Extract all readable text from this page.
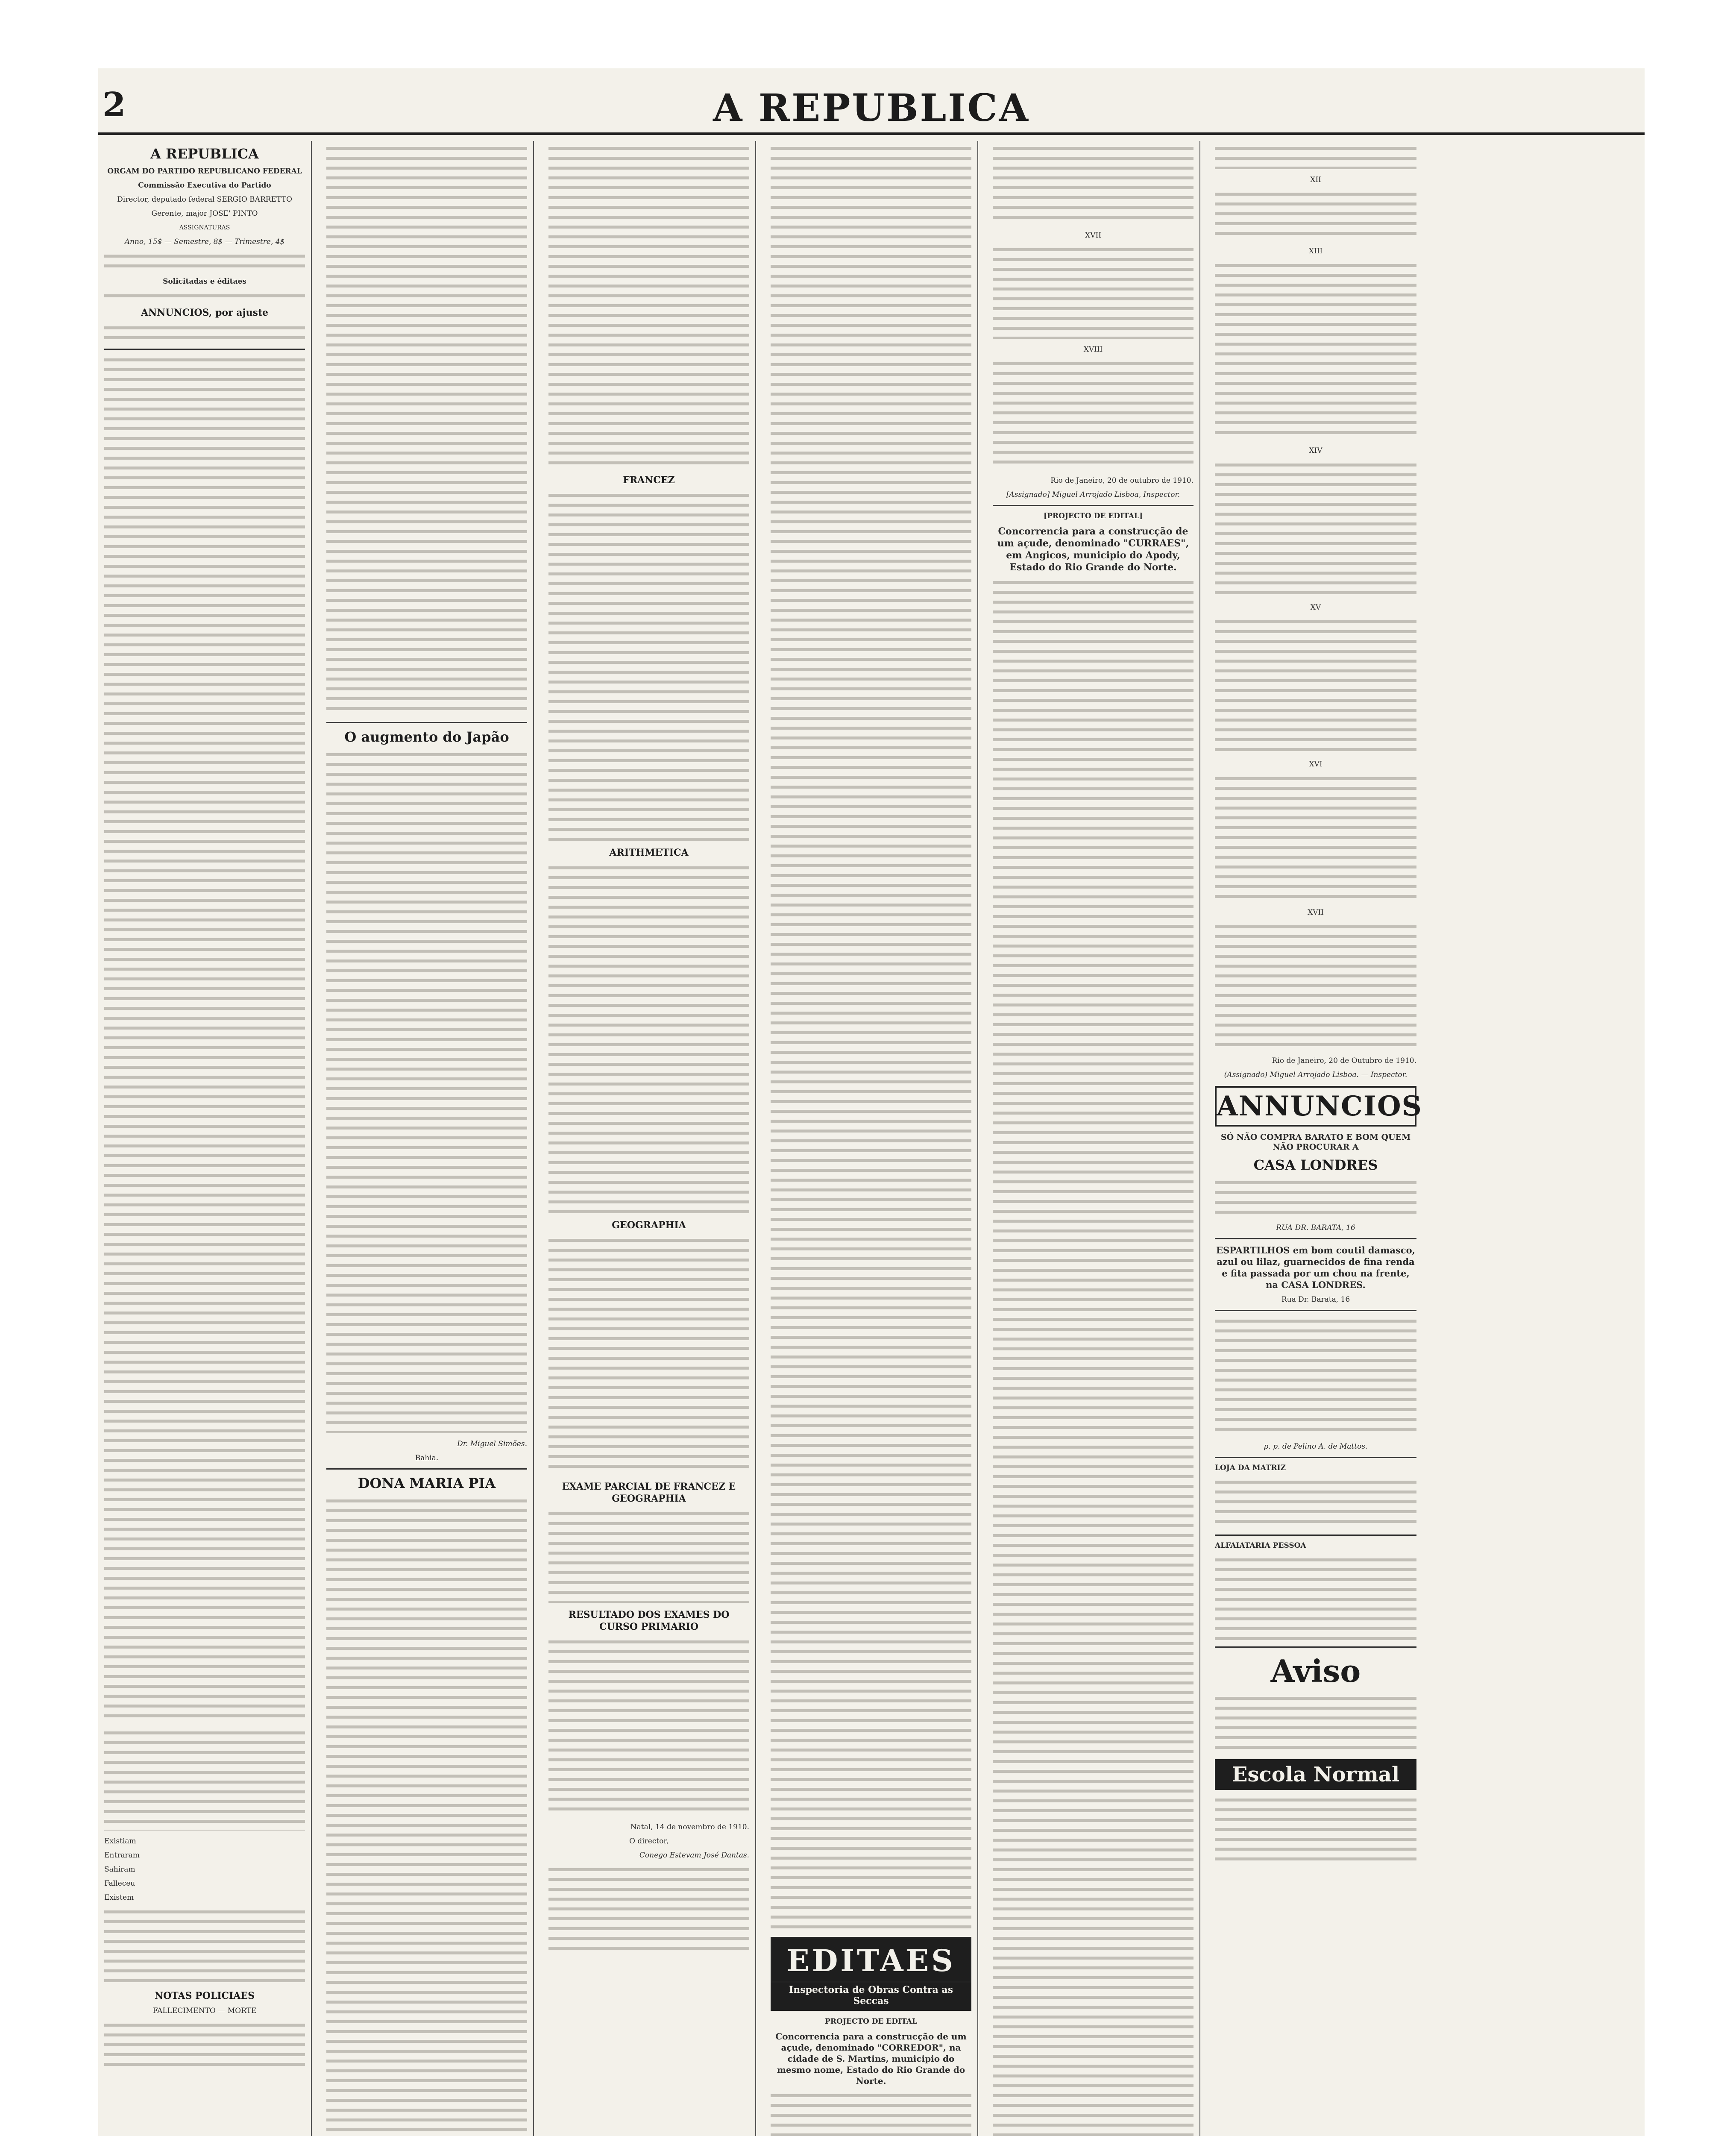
2	A REPUBLICA
A REPUBLICA
ORGAM DO PARTIDO REPUBLICANO FEDERAL
Commissão Executiva do Partido
Director, deputado federal SERGIO BARRETTO
Gerente, major JOSE' PINTO
ASSIGNATURAS
Anno, 15$ — Semestre, 8$ — Trimestre, 4$
Solicitadas e éditaes
ANNUNCIOS, por ajuste
Existiam
Entraram
Sahiram
Falleceu
Existem
NOTAS POLICIAES
FALLECIMENTO — MORTE
O augmento do Japão
Dr. Miguel Simões.
Bahia.
DONA MARIA PIA
FRANCEZ
ARITHMETICA
GEOGRAPHIA
EXAME PARCIAL DE FRANCEZ E GEOGRAPHIA
RESULTADO DOS EXAMES DO CURSO PRIMARIO
Natal, 14 de novembro de 1910.
O director,
Conego Estevam José Dantas.
EDITAES
Inspectoria de Obras Contra as Seccas
PROJECTO DE EDITAL
Concorrencia para a construcção de um açude, denominado "CORREDOR", na cidade de S. Martins, municipio do mesmo nome, Estado do Rio Grande do Norte.
XVII
XVIII
Rio de Janeiro, 20 de outubro de 1910.
[Assignado] Miguel Arrojado Lisboa, Inspector.
[PROJECTO DE EDITAL]
Concorrencia para a construcção de um açude, denominado "CURRAES", em Angicos, municipio do Apody, Estado do Rio Grande do Norte.
XII
XIII
XIV
XV
XVI
XVII
Rio de Janeiro, 20 de Outubro de 1910.
(Assignado) Miguel Arrojado Lisboa. — Inspector.
ANNUNCIOS
SÓ NÃO COMPRA BARATO E BOM QUEM NÃO PROCURAR A
CASA LONDRES
RUA DR. BARATA, 16
ESPARTILHOS em bom coutil damasco, azul ou lilaz, guarnecidos de fina renda e fita passada por um chou na frente, na CASA LONDRES.
Rua Dr. Barata, 16
p. p. de Pelino A. de Mattos.
LOJA DA MATRIZ
ALFAIATARIA PESSOA
Aviso
Escola Normal
